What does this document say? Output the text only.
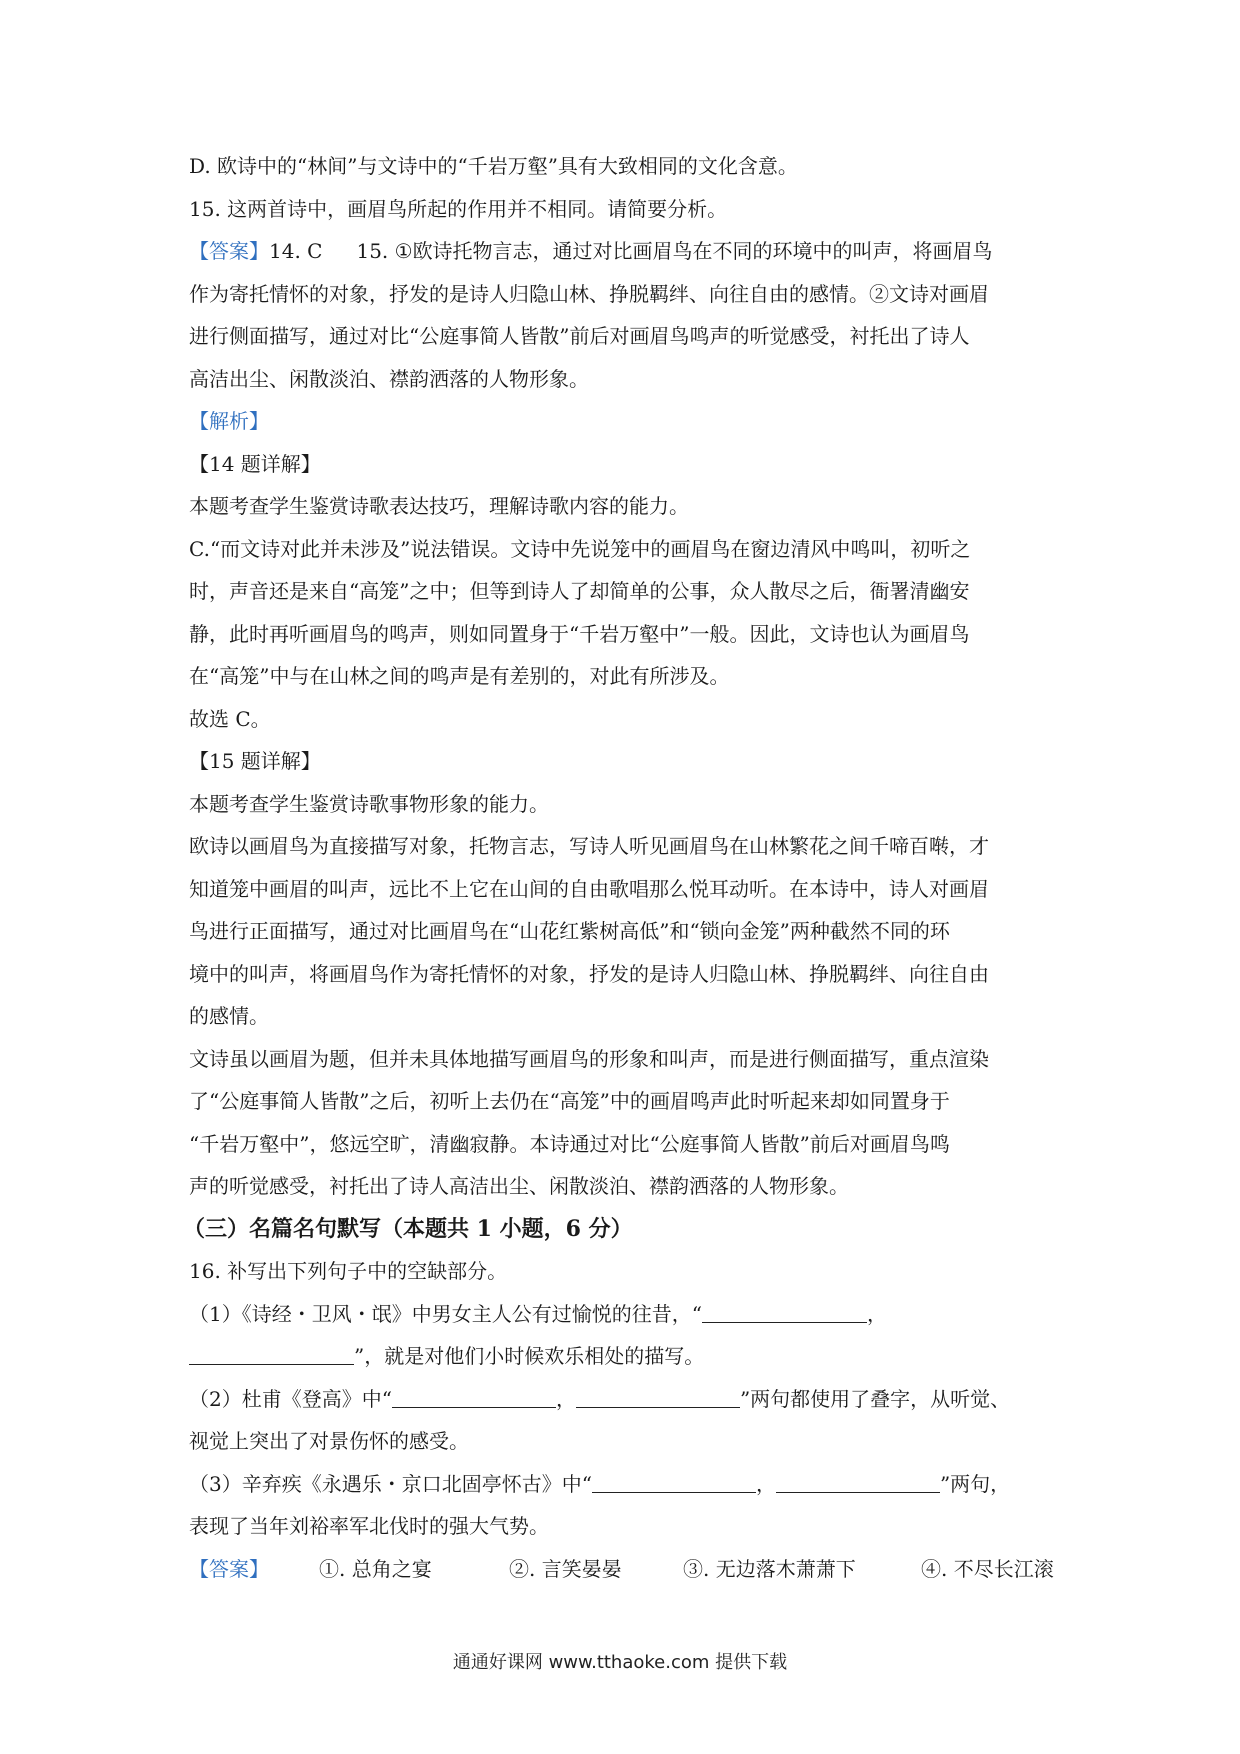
D. 欧诗中的“林间”与文诗中的“千岩万壑”具有大致相同的文化含意。
15. 这两首诗中，画眉鸟所起的作用并不相同。请简要分析。
【答案】14. C 15. ①欧诗托物言志，通过对比画眉鸟在不同的环境中的叫声，将画眉鸟
作为寄托情怀的对象，抒发的是诗人归隐山林、挣脱羁绊、向往自由的感情。②文诗对画眉
进行侧面描写，通过对比“公庭事简人皆散”前后对画眉鸟鸣声的听觉感受，衬托出了诗人
高洁出尘、闲散淡泊、襟韵洒落的人物形象。
【解析】
【14 题详解】
本题考查学生鉴赏诗歌表达技巧，理解诗歌内容的能力。
C.“而文诗对此并未涉及”说法错误。文诗中先说笼中的画眉鸟在窗边清风中鸣叫，初听之
时，声音还是来自“高笼”之中；但等到诗人了却简单的公事，众人散尽之后，衙署清幽安
静，此时再听画眉鸟的鸣声，则如同置身于“千岩万壑中”一般。因此，文诗也认为画眉鸟
在“高笼”中与在山林之间的鸣声是有差别的，对此有所涉及。
故选 C。
【15 题详解】
本题考查学生鉴赏诗歌事物形象的能力。
欧诗以画眉鸟为直接描写对象，托物言志，写诗人听见画眉鸟在山林繁花之间千啼百啭，才
知道笼中画眉的叫声，远比不上它在山间的自由歌唱那么悦耳动听。在本诗中，诗人对画眉
鸟进行正面描写，通过对比画眉鸟在“山花红紫树高低”和“锁向金笼”两种截然不同的环
境中的叫声，将画眉鸟作为寄托情怀的对象，抒发的是诗人归隐山林、挣脱羁绊、向往自由
的感情。
文诗虽以画眉为题，但并未具体地描写画眉鸟的形象和叫声，而是进行侧面描写，重点渲染
了“公庭事简人皆散”之后，初听上去仍在“高笼”中的画眉鸣声此时听起来却如同置身于
“千岩万壑中”，悠远空旷，清幽寂静。本诗通过对比“公庭事简人皆散”前后对画眉鸟鸣
声的听觉感受，衬托出了诗人高洁出尘、闲散淡泊、襟韵洒落的人物形象。
（三）名篇名句默写（本题共 1 小题，6 分）
16. 补写出下列句子中的空缺部分。
（1）《诗经・卫风・氓》中男女主人公有过愉悦的往昔，“	，
”，就是对他们小时候欢乐相处的描写。
（2）杜甫《登高》中“	，	”两句都使用了叠字，从听觉、
视觉上突出了对景伤怀的感受。
（3）辛弃疾《永遇乐・京口北固亭怀古》中“	，	”两句，
表现了当年刘裕率军北伐时的强大气势。
【答案】	①. 总角之宴	②. 言笑晏晏	③. 无边落木萧萧下	④. 不尽长江滚
通通好课网 www.tthaoke.com 提供下载
